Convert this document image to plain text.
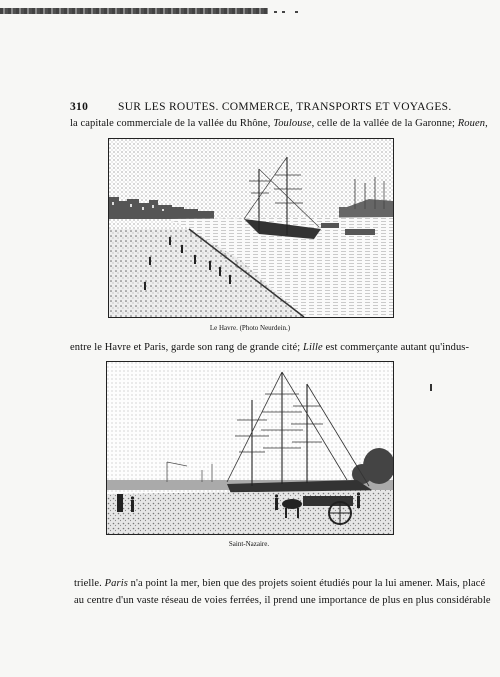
310	SUR LES ROUTES. COMMERCE, TRANSPORTS ET VOYAGES.
la capitale commerciale de la vallée du Rhône, Toulouse, celle de la vallée de la Garonne; Rouen,
Le Havre. (Photo Neurdein.)
entre le Havre et Paris, garde son rang de grande cité; Lille est commerçante autant qu'indus-
Saint-Nazaire.
trielle. Paris n'a point la mer, bien que des projets soient étudiés pour la lui amener. Mais, placé
au centre d'un vaste réseau de voies ferrées, il prend une importance de plus en plus considérable
